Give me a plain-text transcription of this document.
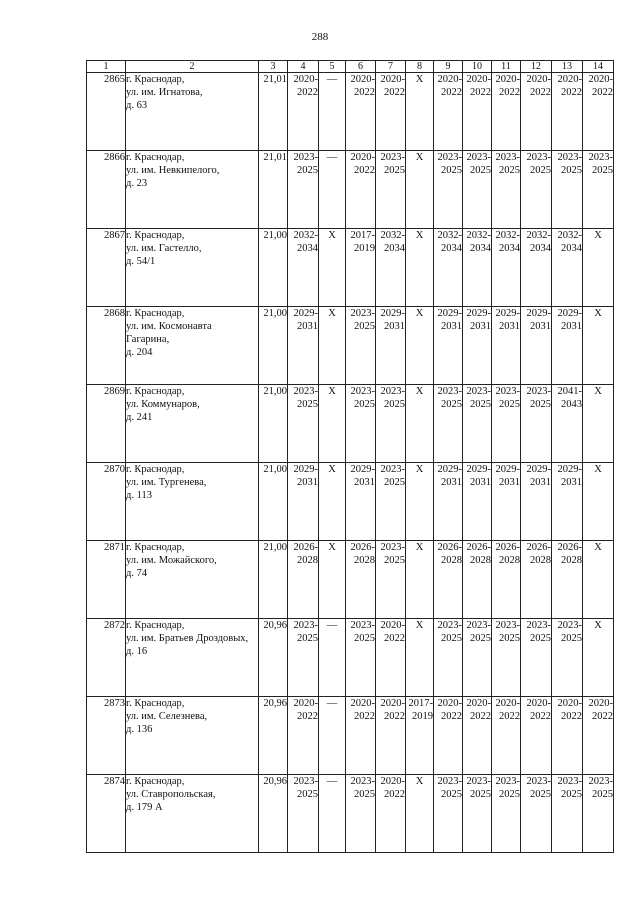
288
1	2	3	4	5	6	7	8	9	10	11	12	13	14
2865	г. Краснодар,
ул. им. Игнатова,
д. 63	21,01	2020-
2022	—	2020-
2022	2020-
2022	Х	2020-
2022	2020-
2022	2020-
2022	2020-
2022	2020-
2022	2020-
2022

2866	г. Краснодар,
ул. им. Невкипелого,
д. 23	21,01	2023-
2025	—	2020-
2022	2023-
2025	Х	2023-
2025	2023-
2025	2023-
2025	2023-
2025	2023-
2025	2023-
2025

2867	г. Краснодар,
ул. им. Гастелло,
д. 54/1	21,00	2032-
2034	Х	2017-
2019	2032-
2034	Х	2032-
2034	2032-
2034	2032-
2034	2032-
2034	2032-
2034	Х

2868	г. Краснодар,
ул. им. Космонавта
Гагарина,
д. 204	21,00	2029-
2031	Х	2023-
2025	2029-
2031	Х	2029-
2031	2029-
2031	2029-
2031	2029-
2031	2029-
2031	Х

2869	г. Краснодар,
ул. Коммунаров,
д. 241	21,00	2023-
2025	Х	2023-
2025	2023-
2025	Х	2023-
2025	2023-
2025	2023-
2025	2023-
2025	2041-
2043	Х

2870	г. Краснодар,
ул. им. Тургенева,
д. 113	21,00	2029-
2031	Х	2029-
2031	2023-
2025	Х	2029-
2031	2029-
2031	2029-
2031	2029-
2031	2029-
2031	Х

2871	г. Краснодар,
ул. им. Можайского,
д. 74	21,00	2026-
2028	Х	2026-
2028	2023-
2025	Х	2026-
2028	2026-
2028	2026-
2028	2026-
2028	2026-
2028	Х

2872	г. Краснодар,
ул. им. Братьев Дроздовых,
д. 16	20,96	2023-
2025	—	2023-
2025	2020-
2022	Х	2023-
2025	2023-
2025	2023-
2025	2023-
2025	2023-
2025	Х

2873	г. Краснодар,
ул. им. Селезнева,
д. 136	20,96	2020-
2022	—	2020-
2022	2020-
2022	2017-
2019	2020-
2022	2020-
2022	2020-
2022	2020-
2022	2020-
2022	2020-
2022

2874	г. Краснодар,
ул. Ставропольская,
д. 179 А	20,96	2023-
2025	—	2023-
2025	2020-
2022	Х	2023-
2025	2023-
2025	2023-
2025	2023-
2025	2023-
2025	2023-
2025
